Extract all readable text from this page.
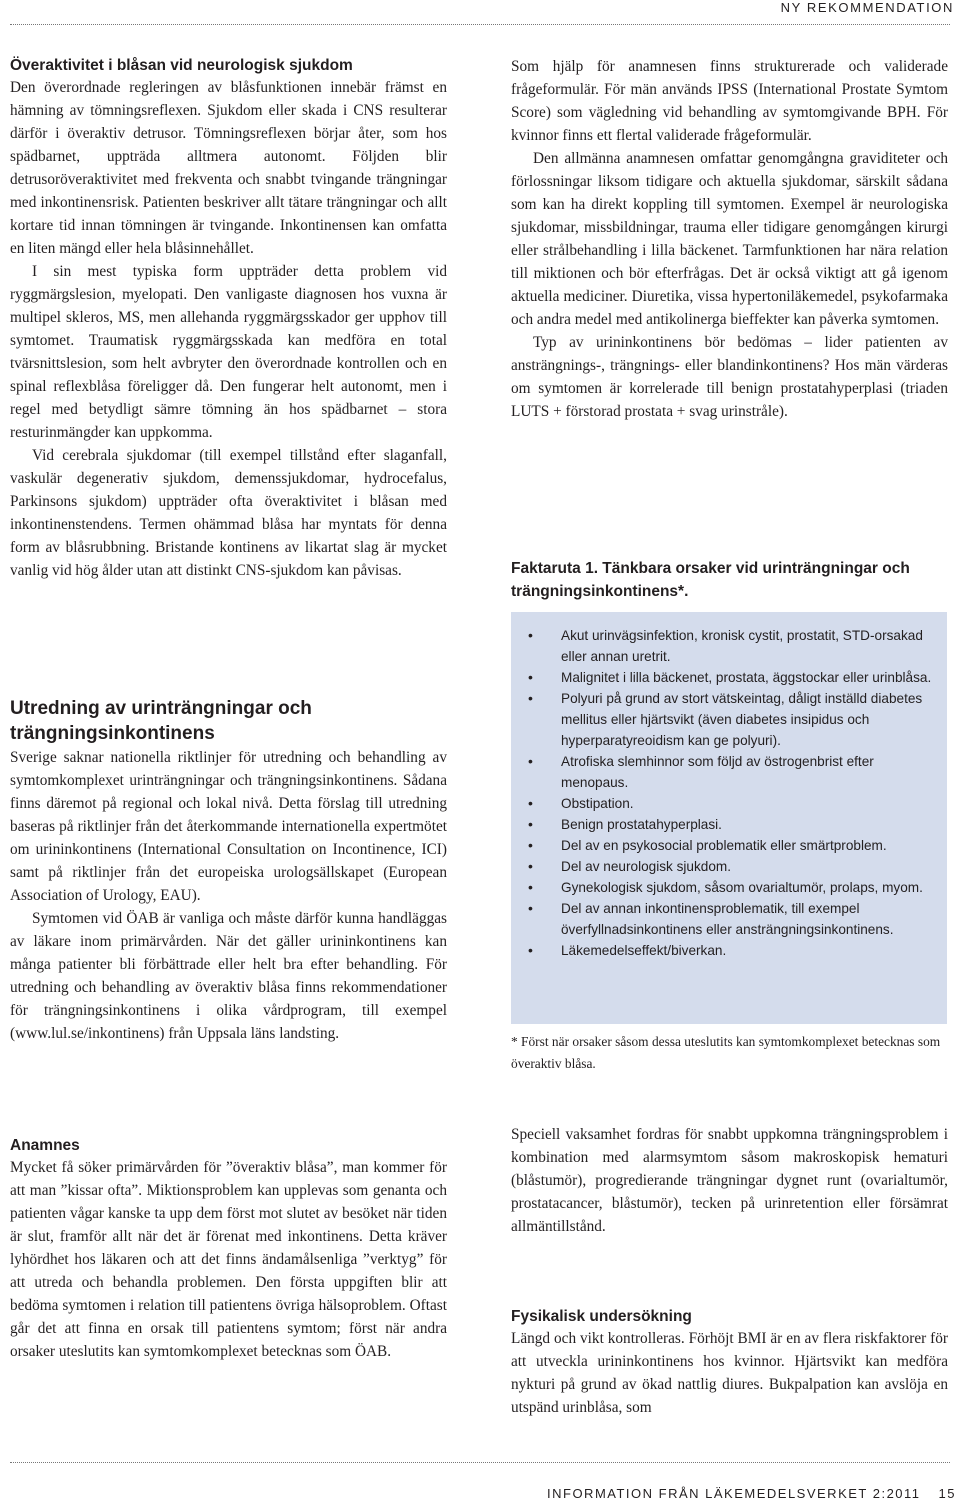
NY REKOMMENDATION
Överaktivitet i blåsan vid neurologisk sjukdom

Den överordnade regleringen av blåsfunktionen innebär främst en hämning av tömningsreflexen. Sjukdom eller skada i CNS resulterar därför i överaktiv detrusor. Tömningsreflexen börjar åter, som hos spädbarnet, uppträda alltmera autonomt. Följden blir detrusoröveraktivitet med frekventa och snabbt tvingande trängningar med inkontinensrisk. Patienten beskriver allt tätare trängningar och allt kortare tid innan tömningen är tvingande. Inkontinensen kan omfatta en liten mängd eller hela blåsinnehållet.

I sin mest typiska form uppträder detta problem vid ryggmärgslesion, myelopati. Den vanligaste diagnosen hos vuxna är multipel skleros, MS, men allehanda ryggmärgsskador ger upphov till symtomet. Traumatisk ryggmärgsskada kan medföra en total tvärsnittslesion, som helt avbryter den överordnade kontrollen och en spinal reflexblåsa föreligger då. Den fungerar helt autonomt, men i regel med betydligt sämre tömning än hos spädbarnet – stora resturinmängder kan uppkomma.

Vid cerebrala sjukdomar (till exempel tillstånd efter slaganfall, vaskulär degenerativ sjukdom, demenssjukdomar, hydrocefalus, Parkinsons sjukdom) uppträder ofta överaktivitet i blåsan med inkontinenstendens. Termen ohämmad blåsa har myntats för denna form av blåsrubbning. Bristande kontinens av likartat slag är mycket vanlig vid hög ålder utan att distinkt CNS-sjukdom kan påvisas.

Utredning av urinträngningar och trängningsinkontinens

Sverige saknar nationella riktlinjer för utredning och behandling av symtomkomplexet urinträngningar och trängningsinkontinens. Sådana finns däremot på regional och lokal nivå. Detta förslag till utredning baseras på riktlinjer från det återkommande internationella expertmötet om urininkontinens (International Consultation on Incontinence, ICI) samt på riktlinjer från det europeiska urologsällskapet (European Association of Urology, EAU).

Symtomen vid ÖAB är vanliga och måste därför kunna handläggas av läkare inom primärvården. När det gäller urininkontinens kan många patienter bli förbättrade eller helt bra efter behandling. För utredning och behandling av överaktiv blåsa finns rekommendationer för trängningsinkontinens i olika vårdprogram, till exempel (www.lul.se/inkontinens) från Uppsala läns landsting.

Anamnes

Mycket få söker primärvården för ”överaktiv blåsa”, man kommer för att man ”kissar ofta”. Miktionsproblem kan upplevas som genanta och patienten vågar kanske ta upp dem först mot slutet av besöket när tiden är slut, framför allt när det är förenat med inkontinens. Detta kräver lyhördhet hos läkaren och att det finns ändamålsenliga ”verktyg” för att utreda och behandla problemen. Den första uppgiften blir att bedöma symtomen i relation till patientens övriga hälsoproblem. Oftast går det att finna en orsak till patientens symtom; först när andra orsaker uteslutits kan symtomkomplexet betecknas som ÖAB.

Som hjälp för anamnesen finns strukturerade och validerade frågeformulär. För män används IPSS (International Prostate Symtom Score) som vägledning vid behandling av symtomgivande BPH. För kvinnor finns ett flertal validerade frågeformulär.

Den allmänna anamnesen omfattar genomgångna graviditeter och förlossningar liksom tidigare och aktuella sjukdomar, särskilt sådana som kan ha direkt koppling till symtomen. Exempel är neurologiska sjukdomar, missbildningar, trauma eller tidigare genomgången kirurgi eller strålbehandling i lilla bäckenet. Tarmfunktionen har nära relation till miktionen och bör efterfrågas. Det är också viktigt att gå igenom aktuella mediciner. Diuretika, vissa hypertoniläkemedel, psykofarmaka och andra medel med antikolinerga bieffekter kan påverka symtomen.

Typ av urininkontinens bör bedömas – lider patienten av ansträngnings-, trängnings- eller blandinkontinens? Hos män värderas om symtomen är korrelerade till benign prostatahyperplasi (triaden LUTS + förstorad prostata + svag urinstråle).

Faktaruta 1. Tänkbara orsaker vid urinträngningar och trängningsinkontinens*.
• Akut urinvägsinfektion, kronisk cystit, prostatit, STD-orsakad eller annan uretrit.
• Malignitet i lilla bäckenet, prostata, äggstockar eller urinblåsa.
• Polyuri på grund av stort vätskeintag, dåligt inställd diabetes mellitus eller hjärtsvikt (även diabetes insipidus och hyperparatyreoidism kan ge polyuri).
• Atrofiska slemhinnor som följd av östrogenbrist efter menopaus.
• Obstipation.
• Benign prostatahyperplasi.
• Del av en psykosocial problematik eller smärtproblem.
• Del av neurologisk sjukdom.
• Gynekologisk sjukdom, såsom ovarialtumör, prolaps, myom.
• Del av annan inkontinensproblematik, till exempel överfyllnadsinkontinens eller ansträngningsinkontinens.
• Läkemedelseffekt/biverkan.

* Först när orsaker såsom dessa uteslutits kan symtomkomplexet betecknas som överaktiv blåsa.

Speciell vaksamhet fordras för snabbt uppkomna trängningsproblem i kombination med alarmsymtom såsom makroskopisk hematuri (blåstumör), progredierande trängningar dygnet runt (ovarialtumör, prostatacancer, blåstumör), tecken på urinretention eller försämrat allmäntillstånd.

Fysikalisk undersökning

Längd och vikt kontrolleras. Förhöjt BMI är en av flera riskfaktorer för att utveckla urininkontinens hos kvinnor. Hjärtsvikt kan medföra nykturi på grund av ökad nattlig diures. Bukpalpation kan avslöja en utspänd urinblåsa, som

INFORMATION FRÅN LÄKEMEDELSVERKET 2:2011 15
